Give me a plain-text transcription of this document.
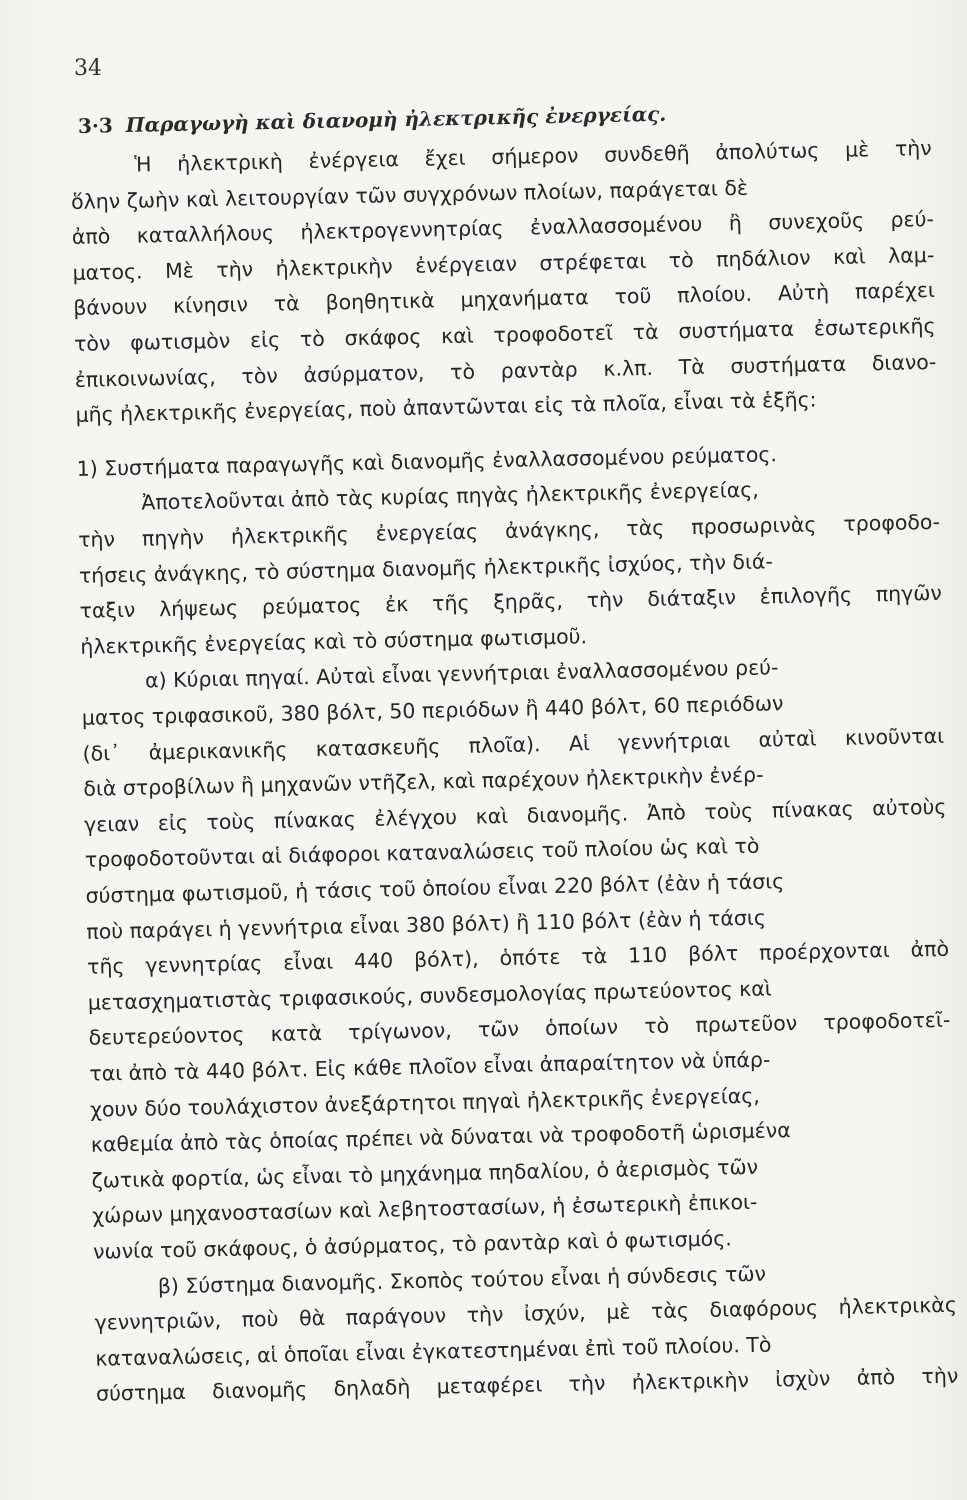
34
3·3 Παραγωγὴ καὶ διανομὴ ἠλεκτρικῆς ἐνεργείας.
Ἡ ἠλεκτρικὴ ἐνέργεια ἔχει σήμερον συνδεθῆ ἀπολύτως μὲ τὴν
ὅλην ζωὴν καὶ λειτουργίαν τῶν συγχρόνων πλοίων, παράγεται δὲ
ἀπὸ καταλλήλους ἠλεκτρογεννητρίας ἐναλλασσομένου ἢ συνεχοῦς ρεύ-
ματος. Μὲ τὴν ἠλεκτρικὴν ἐνέργειαν στρέφεται τὸ πηδάλιον καὶ λαμ-
βάνουν κίνησιν τὰ βοηθητικὰ μηχανήματα τοῦ πλοίου. Αὐτὴ παρέχει
τὸν φωτισμὸν εἰς τὸ σκάφος καὶ τροφοδοτεῖ τὰ συστήματα ἐσωτερικῆς
ἐπικοινωνίας, τὸν ἀσύρματον, τὸ ραντὰρ κ.λπ. Τὰ συστήματα διανο-
μῆς ἠλεκτρικῆς ἐνεργείας, ποὺ ἀπαντῶνται εἰς τὰ πλοῖα, εἶναι τὰ ἑξῆς:
1) Συστήματα παραγωγῆς καὶ διανομῆς ἐναλλασσομένου ρεύματος.
Ἀποτελοῦνται ἀπὸ τὰς κυρίας πηγὰς ἠλεκτρικῆς ἐνεργείας,
τὴν πηγὴν ἠλεκτρικῆς ἐνεργείας ἀνάγκης, τὰς προσωρινὰς τροφοδο-
τήσεις ἀνάγκης, τὸ σύστημα διανομῆς ἠλεκτρικῆς ἰσχύος, τὴν διά-
ταξιν λήψεως ρεύματος ἐκ τῆς ξηρᾶς, τὴν διάταξιν ἐπιλογῆς πηγῶν
ἠλεκτρικῆς ἐνεργείας καὶ τὸ σύστημα φωτισμοῦ.
α) Κύριαι πηγαί. Αὐταὶ εἶναι γεννήτριαι ἐναλλασσομένου ρεύ-
ματος τριφασικοῦ, 380 βόλτ, 50 περιόδων ἢ 440 βόλτ, 60 περιόδων
(δι᾽ ἀμερικανικῆς κατασκευῆς πλοῖα). Αἱ γεννήτριαι αὐταὶ κινοῦνται
διὰ στροβίλων ἢ μηχανῶν ντῆζελ, καὶ παρέχουν ἠλεκτρικὴν ἐνέρ-
γειαν εἰς τοὺς πίνακας ἐλέγχου καὶ διανομῆς. Ἀπὸ τοὺς πίνακας αὐτοὺς
τροφοδοτοῦνται αἱ διάφοροι καταναλώσεις τοῦ πλοίου ὡς καὶ τὸ
σύστημα φωτισμοῦ, ἡ τάσις τοῦ ὁποίου εἶναι 220 βόλτ (ἐὰν ἡ τάσις
ποὺ παράγει ἡ γεννήτρια εἶναι 380 βόλτ) ἢ 110 βόλτ (ἐὰν ἡ τάσις
τῆς γεννητρίας εἶναι 440 βόλτ), ὁπότε τὰ 110 βόλτ προέρχονται ἀπὸ
μετασχηματιστὰς τριφασικούς, συνδεσμολογίας πρωτεύοντος καὶ
δευτερεύοντος κατὰ τρίγωνον, τῶν ὁποίων τὸ πρωτεῦον τροφοδοτεῖ-
ται ἀπὸ τὰ 440 βόλτ. Εἰς κάθε πλοῖον εἶναι ἀπαραίτητον νὰ ὑπάρ-
χουν δύο τουλάχιστον ἀνεξάρτητοι πηγαὶ ἠλεκτρικῆς ἐνεργείας,
καθεμία ἀπὸ τὰς ὁποίας πρέπει νὰ δύναται νὰ τροφοδοτῆ ὡρισμένα
ζωτικὰ φορτία, ὡς εἶναι τὸ μηχάνημα πηδαλίου, ὁ ἀερισμὸς τῶν
χώρων μηχανοστασίων καὶ λεβητοστασίων, ἡ ἐσωτερικὴ ἐπικοι-
νωνία τοῦ σκάφους, ὁ ἀσύρματος, τὸ ραντὰρ καὶ ὁ φωτισμός.
β) Σύστημα διανομῆς. Σκοπὸς τούτου εἶναι ἡ σύνδεσις τῶν
γεννητριῶν, ποὺ θὰ παράγουν τὴν ἰσχύν, μὲ τὰς διαφόρους ἠλεκτρικὰς
καταναλώσεις, αἱ ὁποῖαι εἶναι ἐγκατεστημέναι ἐπὶ τοῦ πλοίου. Τὸ
σύστημα διανομῆς δηλαδὴ μεταφέρει τὴν ἠλεκτρικὴν ἰσχὺν ἀπὸ τὴν
